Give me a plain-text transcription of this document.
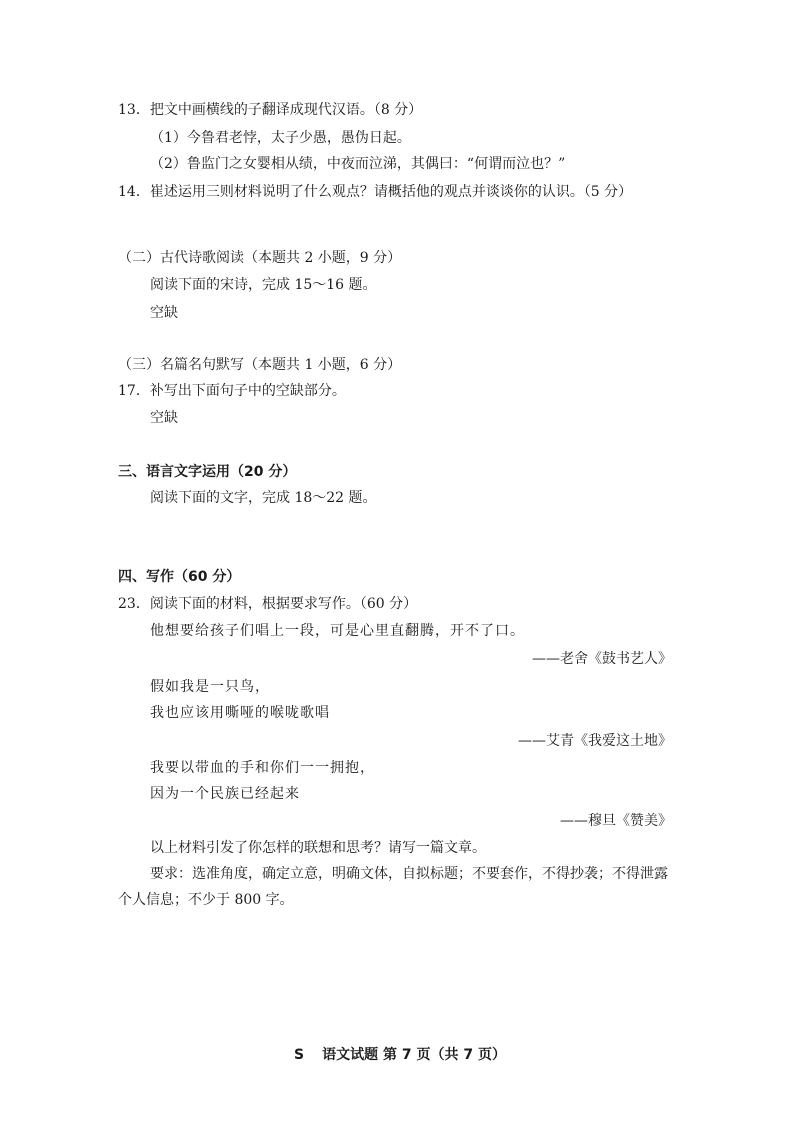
13．把文中画横线的子翻译成现代汉语。（8 分）
（1）今鲁君老悖，太子少愚，愚伪日起。
（2）鲁监门之女婴相从绩，中夜而泣涕，其偶曰：“何谓而泣也？”
14．崔述运用三则材料说明了什么观点？请概括他的观点并谈谈你的认识。（5 分）
（二）古代诗歌阅读（本题共 2 小题，9 分）
阅读下面的宋诗，完成 15～16 题。
空缺
（三）名篇名句默写（本题共 1 小题，6 分）
17．补写出下面句子中的空缺部分。
空缺
三、语言文字运用（20 分）
阅读下面的文字，完成 18～22 题。
四、写作（60 分）
23．阅读下面的材料，根据要求写作。（60 分）
他想要给孩子们唱上一段，可是心里直翻腾，开不了口。
——老舍《鼓书艺人》
假如我是一只鸟，
我也应该用嘶哑的喉咙歌唱
——艾青《我爱这土地》
我要以带血的手和你们一一拥抱，
因为一个民族已经起来
——穆旦《赞美》
以上材料引发了你怎样的联想和思考？请写一篇文章。
要求：选准角度，确定立意，明确文体，自拟标题；不要套作，不得抄袭；不得泄露个人信息；不少于 800 字。
S 语文试题 第 7 页（共 7 页）
